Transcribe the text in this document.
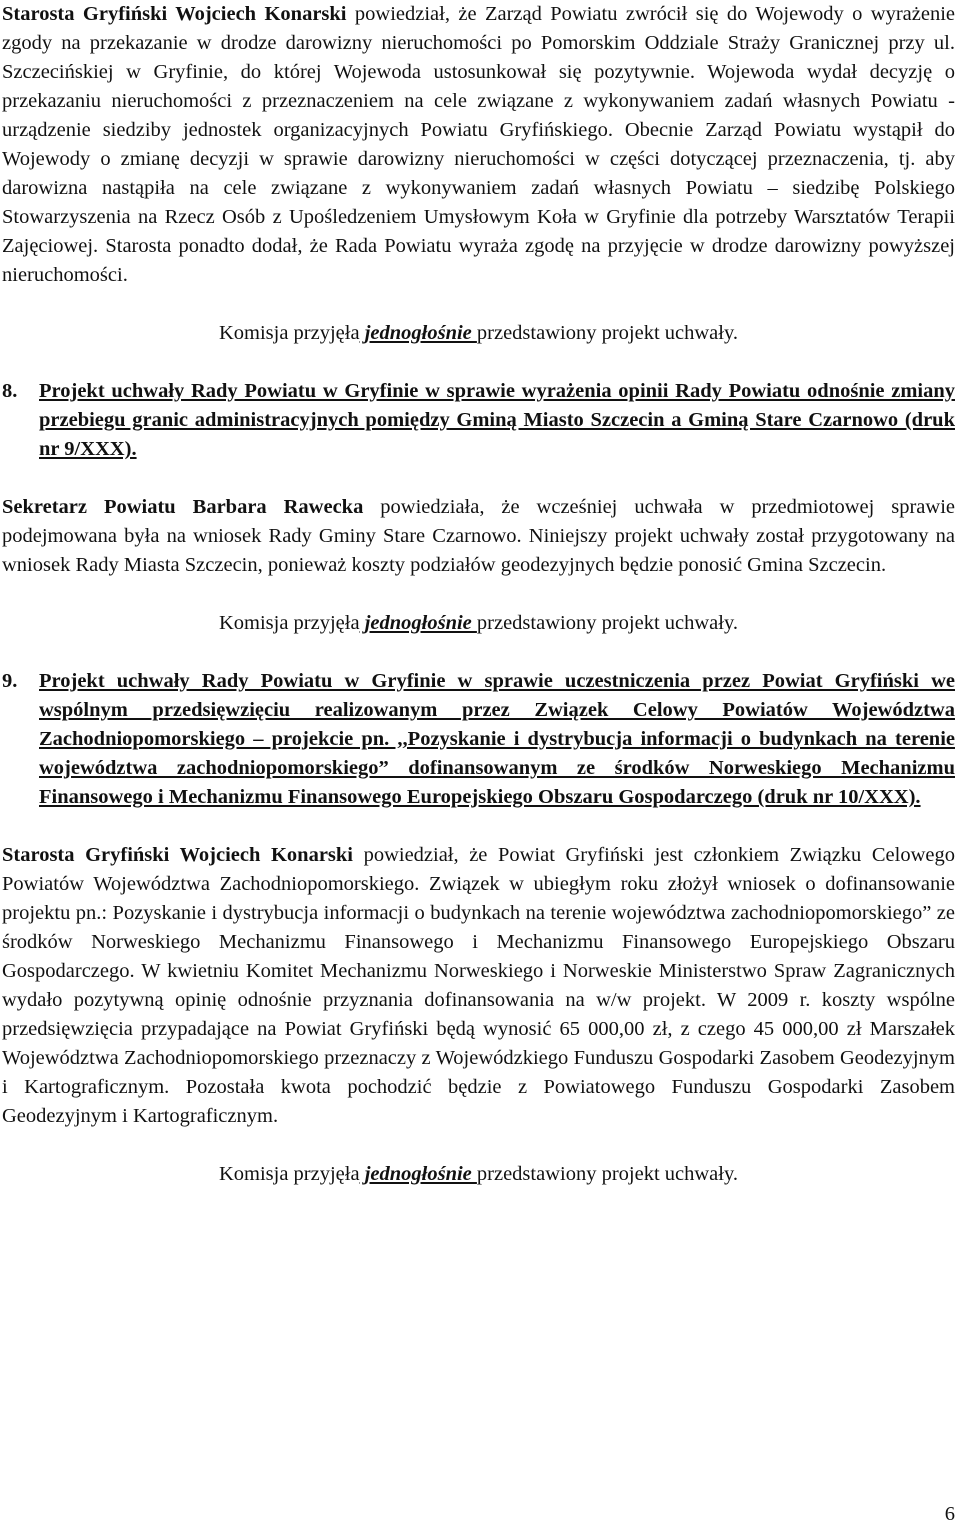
Starosta Gryfiński Wojciech Konarski powiedział, że Zarząd Powiatu zwrócił się do Wojewody o wyrażenie zgody na przekazanie w drodze darowizny nieruchomości po Pomorskim Oddziale Straży Granicznej przy ul. Szczecińskiej w Gryfinie, do której Wojewoda ustosunkował się pozytywnie. Wojewoda wydał decyzję o przekazaniu nieruchomości z przeznaczeniem na cele związane z wykonywaniem zadań własnych Powiatu - urządzenie siedziby jednostek organizacyjnych Powiatu Gryfińskiego. Obecnie Zarząd Powiatu wystąpił do Wojewody o zmianę decyzji w sprawie darowizny nieruchomości w części dotyczącej przeznaczenia, tj. aby darowizna nastąpiła na cele związane z wykonywaniem zadań własnych Powiatu – siedzibę Polskiego Stowarzyszenia na Rzecz Osób z Upośledzeniem Umysłowym Koła w Gryfinie dla potrzeby Warsztatów Terapii Zajęciowej. Starosta ponadto dodał, że Rada Powiatu wyraża zgodę na przyjęcie w drodze darowizny powyższej nieruchomości.

Komisja przyjęła jednogłośnie przedstawiony projekt uchwały.

8. Projekt uchwały Rady Powiatu w Gryfinie w sprawie wyrażenia opinii Rady Powiatu odnośnie zmiany przebiegu granic administracyjnych pomiędzy Gminą Miasto Szczecin a Gminą Stare Czarnowo (druk nr 9/XXX).

Sekretarz Powiatu Barbara Rawecka powiedziała, że wcześniej uchwała w przedmiotowej sprawie podejmowana była na wniosek Rady Gminy Stare Czarnowo. Niniejszy projekt uchwały został przygotowany na wniosek Rady Miasta Szczecin, ponieważ koszty podziałów geodezyjnych będzie ponosić Gmina Szczecin.

Komisja przyjęła jednogłośnie przedstawiony projekt uchwały.

9. Projekt uchwały Rady Powiatu w Gryfinie w sprawie uczestniczenia przez Powiat Gryfiński we wspólnym przedsięwzięciu realizowanym przez Związek Celowy Powiatów Województwa Zachodniopomorskiego – projekcie pn. ,,Pozyskanie i dystrybucja informacji o budynkach na terenie województwa zachodniopomorskiego” dofinansowanym ze środków Norweskiego Mechanizmu Finansowego i Mechanizmu Finansowego Europejskiego Obszaru Gospodarczego (druk nr 10/XXX).

Starosta Gryfiński Wojciech Konarski powiedział, że Powiat Gryfiński jest członkiem Związku Celowego Powiatów Województwa Zachodniopomorskiego. Związek w ubiegłym roku złożył wniosek o dofinansowanie projektu pn.: Pozyskanie i dystrybucja informacji o budynkach na terenie województwa zachodniopomorskiego” ze środków Norweskiego Mechanizmu Finansowego i Mechanizmu Finansowego Europejskiego Obszaru Gospodarczego. W kwietniu Komitet Mechanizmu Norweskiego i Norweskie Ministerstwo Spraw Zagranicznych wydało pozytywną opinię odnośnie przyznania dofinansowania na w/w projekt. W 2009 r. koszty wspólne przedsięwzięcia przypadające na Powiat Gryfiński będą wynosić 65 000,00 zł, z czego 45 000,00 zł Marszałek Województwa Zachodniopomorskiego przeznaczy z Wojewódzkiego Funduszu Gospodarki Zasobem Geodezyjnym i Kartograficznym. Pozostała kwota pochodzić będzie z Powiatowego Funduszu Gospodarki Zasobem Geodezyjnym i Kartograficznym.

Komisja przyjęła jednogłośnie przedstawiony projekt uchwały.

6
